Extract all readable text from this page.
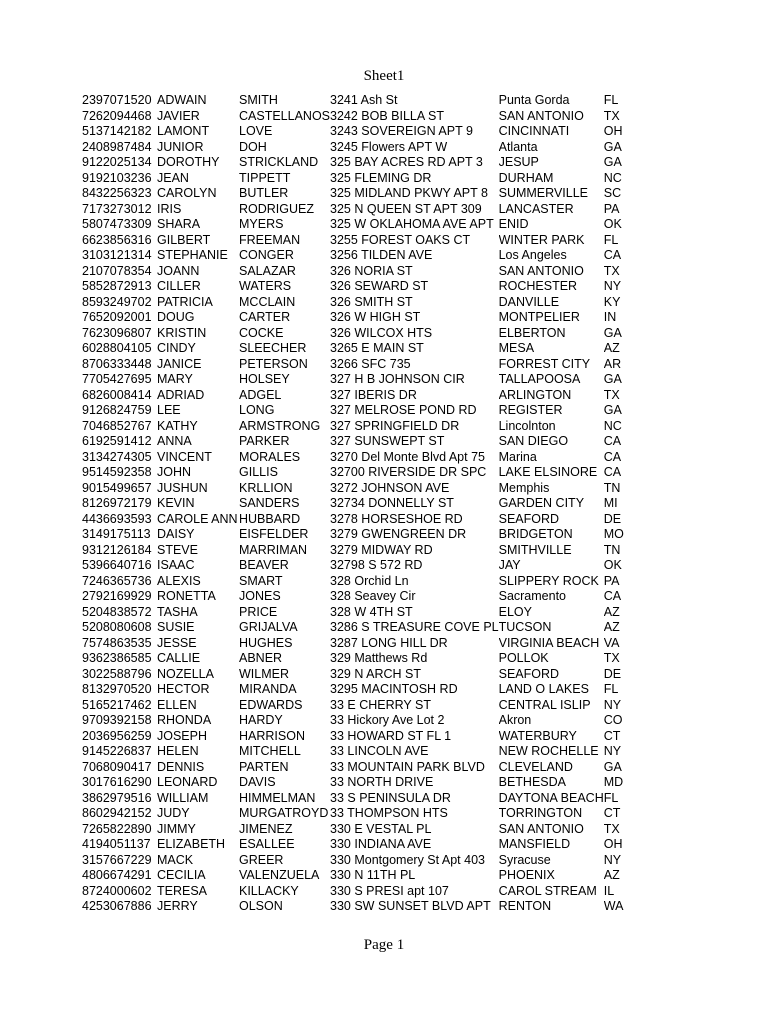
Sheet1
2397071520	ADWAIN	SMITH	3241 Ash St	Punta Gorda	FL
7262094468	JAVIER	CASTELLANOS	3242 BOB BILLA ST	SAN ANTONIO	TX
5137142182	LAMONT	LOVE	3243 SOVEREIGN APT 9	CINCINNATI	OH
2408987484	JUNIOR	DOH	3245 Flowers APT W	Atlanta	GA
9122025134	DOROTHY	STRICKLAND	325 BAY ACRES RD APT 3	JESUP	GA
9192103236	JEAN	TIPPETT	325 FLEMING DR	DURHAM	NC
8432256323	CAROLYN	BUTLER	325 MIDLAND PKWY APT 8	SUMMERVILLE	SC
7173273012	IRIS	RODRIGUEZ	325 N QUEEN ST APT 309	LANCASTER	PA
5807473309	SHARA	MYERS	325 W OKLAHOMA AVE APT	ENID	OK
6623856316	GILBERT	FREEMAN	3255 FOREST OAKS CT	WINTER PARK	FL
3103121314	STEPHANIE	CONGER	3256 TILDEN AVE	Los Angeles	CA
2107078354	JOANN	SALAZAR	326 NORIA ST	SAN ANTONIO	TX
5852872913	CILLER	WATERS	326 SEWARD ST	ROCHESTER	NY
8593249702	PATRICIA	MCCLAIN	326 SMITH ST	DANVILLE	KY
7652092001	DOUG	CARTER	326 W HIGH ST	MONTPELIER	IN
7623096807	KRISTIN	COCKE	326 WILCOX HTS	ELBERTON	GA
6028804105	CINDY	SLEECHER	3265 E MAIN ST	MESA	AZ
8706333448	JANICE	PETERSON	3266 SFC 735	FORREST CITY	AR
7705427695	MARY	HOLSEY	327 H B JOHNSON CIR	TALLAPOOSA	GA
6826008414	ADRIAD	ADGEL	327 IBERIS DR	ARLINGTON	TX
9126824759	LEE	LONG	327 MELROSE POND RD	REGISTER	GA
7046852767	KATHY	ARMSTRONG	327 SPRINGFIELD DR	Lincolnton	NC
6192591412	ANNA	PARKER	327 SUNSWEPT ST	SAN DIEGO	CA
3134274305	VINCENT	MORALES	3270 Del Monte Blvd Apt 75	Marina	CA
9514592358	JOHN	GILLIS	32700 RIVERSIDE DR SPC	LAKE ELSINORE	CA
9015499657	JUSHUN	KRLLION	3272 JOHNSON AVE	Memphis	TN
8126972179	KEVIN	SANDERS	32734 DONNELLY ST	GARDEN CITY	MI
4436693593	CAROLE ANN	HUBBARD	3278 HORSESHOE RD	SEAFORD	DE
3149175113	DAISY	EISFELDER	3279 GWENGREEN DR	BRIDGETON	MO
9312126184	STEVE	MARRIMAN	3279 MIDWAY RD	SMITHVILLE	TN
5396640716	ISAAC	BEAVER	32798 S 572 RD	JAY	OK
7246365736	ALEXIS	SMART	328 Orchid Ln	SLIPPERY ROCK	PA
2792169929	RONETTA	JONES	328 Seavey Cir	Sacramento	CA
5204838572	TASHA	PRICE	328 W 4TH ST	ELOY	AZ
5208080608	SUSIE	GRIJALVA	3286 S TREASURE COVE PL	TUCSON	AZ
7574863535	JESSE	HUGHES	3287 LONG HILL DR	VIRGINIA BEACH	VA
9362386585	CALLIE	ABNER	329 Matthews Rd	POLLOK	TX
3022588796	NOZELLA	WILMER	329 N ARCH ST	SEAFORD	DE
8132970520	HECTOR	MIRANDA	3295 MACINTOSH RD	LAND O LAKES	FL
5165217462	ELLEN	EDWARDS	33 E CHERRY ST	CENTRAL ISLIP	NY
9709392158	RHONDA	HARDY	33 Hickory Ave Lot 2	Akron	CO
2036956259	JOSEPH	HARRISON	33 HOWARD ST FL 1	WATERBURY	CT
9145226837	HELEN	MITCHELL	33 LINCOLN AVE	NEW ROCHELLE	NY
7068090417	DENNIS	PARTEN	33 MOUNTAIN PARK BLVD	CLEVELAND	GA
3017616290	LEONARD	DAVIS	33 NORTH DRIVE	BETHESDA	MD
3862979516	WILLIAM	HIMMELMAN	33 S PENINSULA DR	DAYTONA BEACH	FL
8602942152	JUDY	MURGATROYD	33 THOMPSON HTS	TORRINGTON	CT
7265822890	JIMMY	JIMENEZ	330 E VESTAL PL	SAN ANTONIO	TX
4194051137	ELIZABETH	ESALLEE	330 INDIANA AVE	MANSFIELD	OH
3157667229	MACK	GREER	330 Montgomery St Apt 403	Syracuse	NY
4806674291	CECILIA	VALENZUELA	330 N 11TH PL	PHOENIX	AZ
8724000602	TERESA	KILLACKY	330 S PRESI apt 107	CAROL STREAM	IL
4253067886	JERRY	OLSON	330 SW SUNSET BLVD APT	RENTON	WA
Page 1
